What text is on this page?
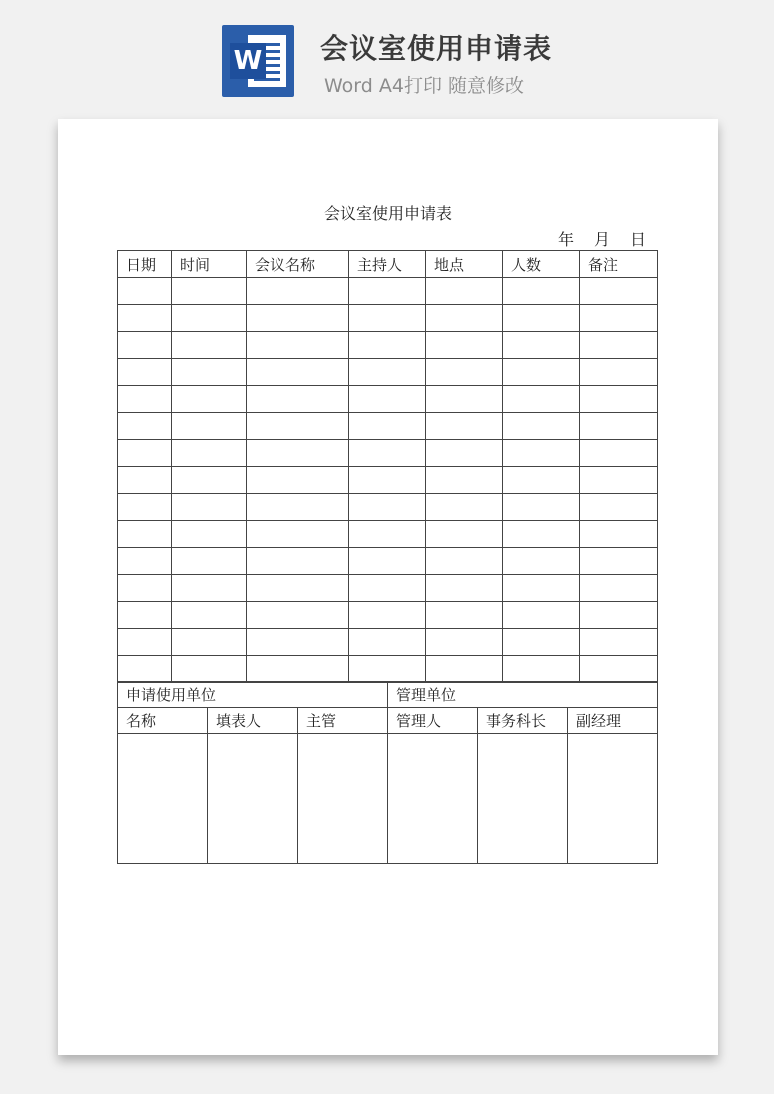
W 会议室使用申请表
Word A4打印 随意修改

会议室使用申请表
年 月 日
日期	时间	会议名称	主持人	地点	人数	备注

申请使用单位			管理单位		
名称	填表人	主管	管理人	事务科长	副经理
